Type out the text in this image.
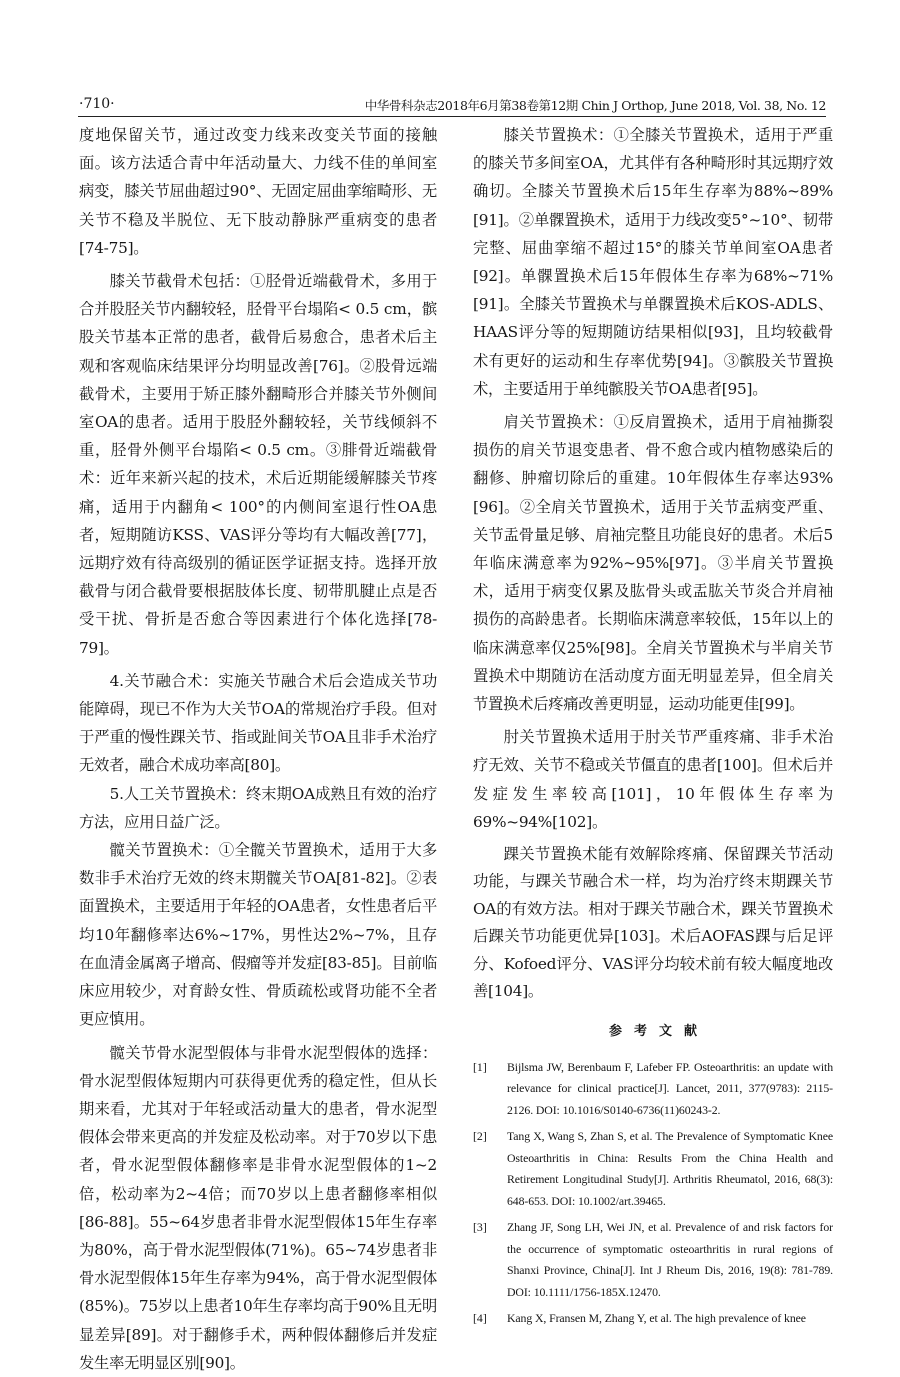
·710·	中华骨科杂志2018年6月第38卷第12期 Chin J Orthop, June 2018, Vol. 38, No. 12

度地保留关节，通过改变力线来改变关节面的接触面。该方法适合青中年活动量大、力线不佳的单间室病变，膝关节屈曲超过90°、无固定屈曲挛缩畸形、无关节不稳及半脱位、无下肢动静脉严重病变的患者[74-75]。

膝关节截骨术包括：①胫骨近端截骨术，多用于合并股胫关节内翻较轻，胫骨平台塌陷< 0.5 cm，髌股关节基本正常的患者，截骨后易愈合，患者术后主观和客观临床结果评分均明显改善[76]。②股骨远端截骨术，主要用于矫正膝外翻畸形合并膝关节外侧间室OA的患者。适用于股胫外翻较轻，关节线倾斜不重，胫骨外侧平台塌陷< 0.5 cm。③腓骨近端截骨术：近年来新兴起的技术，术后近期能缓解膝关节疼痛，适用于内翻角< 100°的内侧间室退行性OA患者，短期随访KSS、VAS评分等均有大幅改善[77]，远期疗效有待高级别的循证医学证据支持。选择开放截骨与闭合截骨要根据肢体长度、韧带肌腱止点是否受干扰、骨折是否愈合等因素进行个体化选择[78-79]。

4.关节融合术：实施关节融合术后会造成关节功能障碍，现已不作为大关节OA的常规治疗手段。但对于严重的慢性踝关节、指或趾间关节OA且非手术治疗无效者，融合术成功率高[80]。

5.人工关节置换术：终末期OA成熟且有效的治疗方法，应用日益广泛。

髋关节置换术：①全髋关节置换术，适用于大多数非手术治疗无效的终末期髋关节OA[81-82]。②表面置换术，主要适用于年轻的OA患者，女性患者后平均10年翻修率达6%~17%，男性达2%~7%，且存在血清金属离子增高、假瘤等并发症[83-85]。目前临床应用较少，对育龄女性、骨质疏松或肾功能不全者更应慎用。

髋关节骨水泥型假体与非骨水泥型假体的选择：骨水泥型假体短期内可获得更优秀的稳定性，但从长期来看，尤其对于年轻或活动量大的患者，骨水泥型假体会带来更高的并发症及松动率。对于70岁以下患者，骨水泥型假体翻修率是非骨水泥型假体的1~2倍，松动率为2~4倍；而70岁以上患者翻修率相似[86-88]。55~64岁患者非骨水泥型假体15年生存率为80%，高于骨水泥型假体(71%)。65~74岁患者非骨水泥型假体15年生存率为94%，高于骨水泥型假体(85%)。75岁以上患者10年生存率均高于90%且无明显差异[89]。对于翻修手术，两种假体翻修后并发症发生率无明显区别[90]。

膝关节置换术：①全膝关节置换术，适用于严重的膝关节多间室OA，尤其伴有各种畸形时其远期疗效确切。全膝关节置换术后15年生存率为88%~89%[91]。②单髁置换术，适用于力线改变5°~10°、韧带完整、屈曲挛缩不超过15°的膝关节单间室OA患者[92]。单髁置换术后15年假体生存率为68%~71%[91]。全膝关节置换术与单髁置换术后KOS-ADLS、HAAS评分等的短期随访结果相似[93]，且均较截骨术有更好的运动和生存率优势[94]。③髌股关节置换术，主要适用于单纯髌股关节OA患者[95]。

肩关节置换术：①反肩置换术，适用于肩袖撕裂损伤的肩关节退变患者、骨不愈合或内植物感染后的翻修、肿瘤切除后的重建。10年假体生存率达93%[96]。②全肩关节置换术，适用于关节盂病变严重、关节盂骨量足够、肩袖完整且功能良好的患者。术后5年临床满意率为92%~95%[97]。③半肩关节置换术，适用于病变仅累及肱骨头或盂肱关节炎合并肩袖损伤的高龄患者。长期临床满意率较低，15年以上的临床满意率仅25%[98]。全肩关节置换术与半肩关节置换术中期随访在活动度方面无明显差异，但全肩关节置换术后疼痛改善更明显，运动功能更佳[99]。

肘关节置换术适用于肘关节严重疼痛、非手术治疗无效、关节不稳或关节僵直的患者[100]。但术后并发症发生率较高[101]，10年假体生存率为69%~94%[102]。

踝关节置换术能有效解除疼痛、保留踝关节活动功能，与踝关节融合术一样，均为治疗终末期踝关节OA的有效方法。相对于踝关节融合术，踝关节置换术后踝关节功能更优异[103]。术后AOFAS踝与后足评分、Kofoed评分、VAS评分均较术前有较大幅度地改善[104]。

参考文献
[1]	Bijlsma JW, Berenbaum F, Lafeber FP. Osteoarthritis: an update with relevance for clinical practice[J]. Lancet, 2011, 377(9783): 2115-2126. DOI: 10.1016/S0140-6736(11)60243-2.
[2]	Tang X, Wang S, Zhan S, et al. The Prevalence of Symptomatic Knee Osteoarthritis in China: Results From the China Health and Retirement Longitudinal Study[J]. Arthritis Rheumatol, 2016, 68(3): 648-653. DOI: 10.1002/art.39465.
[3]	Zhang JF, Song LH, Wei JN, et al. Prevalence of and risk factors for the occurrence of symptomatic osteoarthritis in rural regions of Shanxi Province, China[J]. Int J Rheum Dis, 2016, 19(8): 781-789. DOI: 10.1111/1756-185X.12470.
[4]	Kang X, Fransen M, Zhang Y, et al. The high prevalence of knee
